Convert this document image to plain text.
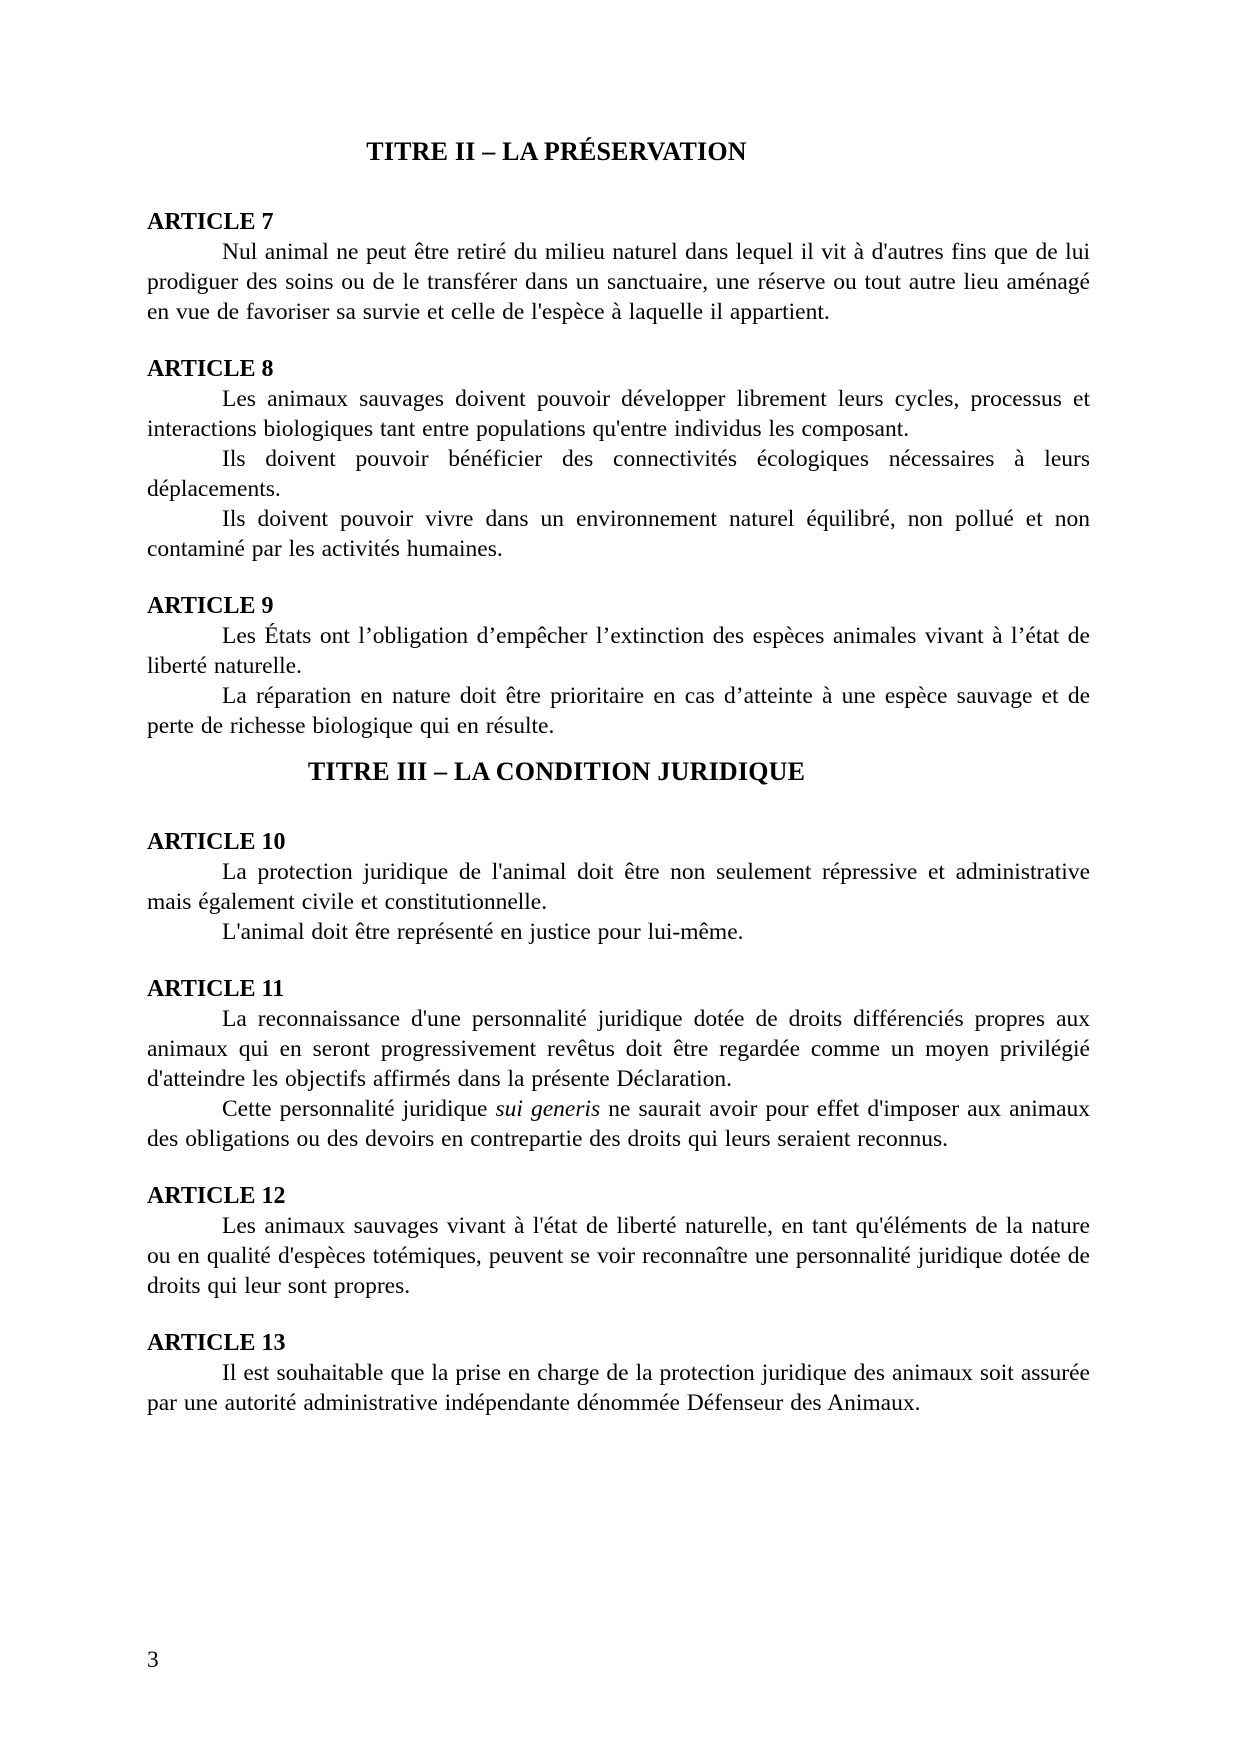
TITRE II – LA PRÉSERVATION
ARTICLE 7

Nul animal ne peut être retiré du milieu naturel dans lequel il vit à d'autres fins que de lui prodiguer des soins ou de le transférer dans un sanctuaire, une réserve ou tout autre lieu aménagé en vue de favoriser sa survie et celle de l'espèce à laquelle il appartient.

ARTICLE 8

Les animaux sauvages doivent pouvoir développer librement leurs cycles, processus et interactions biologiques tant entre populations qu'entre individus les composant.

Ils doivent pouvoir bénéficier des connectivités écologiques nécessaires à leurs déplacements.

Ils doivent pouvoir vivre dans un environnement naturel équilibré, non pollué et non contaminé par les activités humaines.

ARTICLE 9

Les États ont l’obligation d’empêcher l’extinction des espèces animales vivant à l’état de liberté naturelle.

La réparation en nature doit être prioritaire en cas d’atteinte à une espèce sauvage et de perte de richesse biologique qui en résulte.

TITRE III – LA CONDITION JURIDIQUE
ARTICLE 10

La protection juridique de l'animal doit être non seulement répressive et administrative mais également civile et constitutionnelle.

L'animal doit être représenté en justice pour lui-même.

ARTICLE 11

La reconnaissance d'une personnalité juridique dotée de droits différenciés propres aux animaux qui en seront progressivement revêtus doit être regardée comme un moyen privilégié d'atteindre les objectifs affirmés dans la présente Déclaration.

Cette personnalité juridique sui generis ne saurait avoir pour effet d'imposer aux animaux des obligations ou des devoirs en contrepartie des droits qui leurs seraient reconnus.

ARTICLE 12

Les animaux sauvages vivant à l'état de liberté naturelle, en tant qu'éléments de la nature ou en qualité d'espèces totémiques, peuvent se voir reconnaître une personnalité juridique dotée de droits qui leur sont propres.

ARTICLE 13

Il est souhaitable que la prise en charge de la protection juridique des animaux soit assurée par une autorité administrative indépendante dénommée Défenseur des Animaux.

3
